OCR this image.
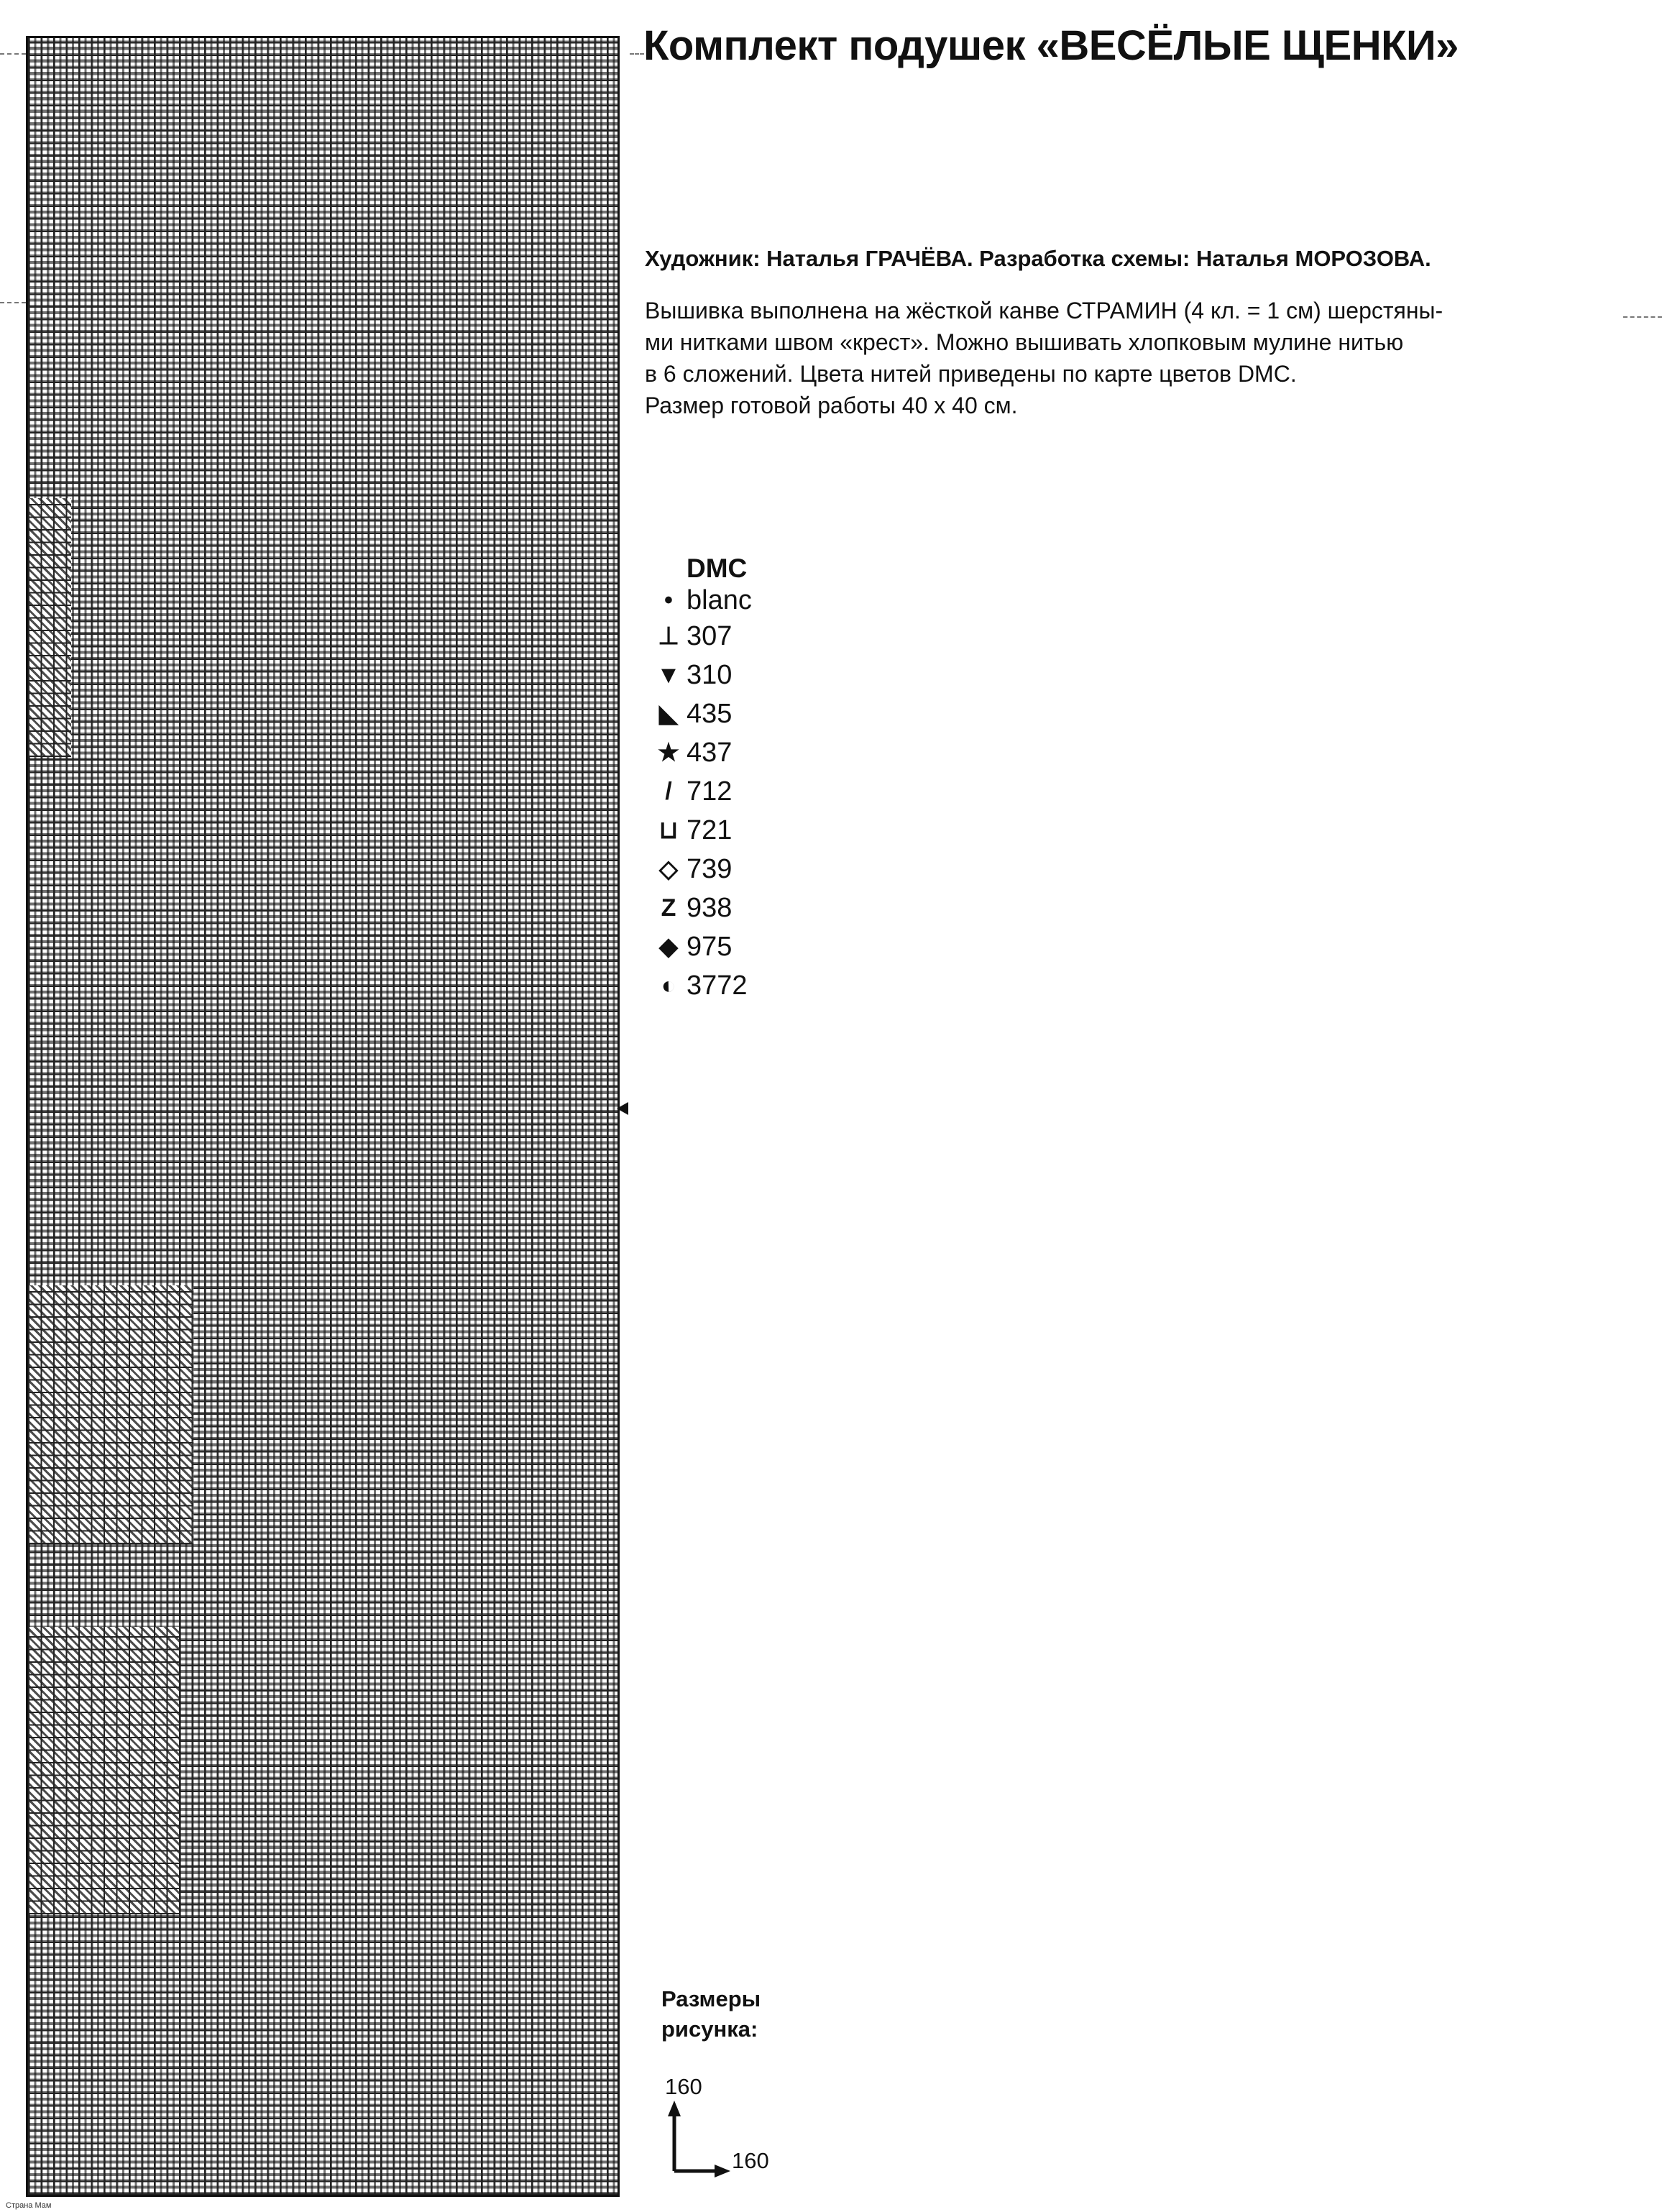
Комплект подушек «ВЕСЁЛЫЕ ЩЕНКИ»
Художник: Наталья ГРАЧЁВА. Разработка схемы: Наталья МОРОЗОВА.
Вышивка выполнена на жёсткой канве СТРАМИН (4 кл. = 1 см) шерстяны-
ми нитками швом «крест». Можно вышивать хлопковым мулине нитью
в 6 сложений. Цвета нитей приведены по карте цветов DMC.
Размер готовой работы 40 х 40 см.
DMC
• blanc
⊥ 307
▼ 310
◣ 435
★ 437
/ 712
⊔ 721
◇ 739
Z 938
◆ 975
◐ 3772
Размеры
рисунка:
160
160
Страна Мам
